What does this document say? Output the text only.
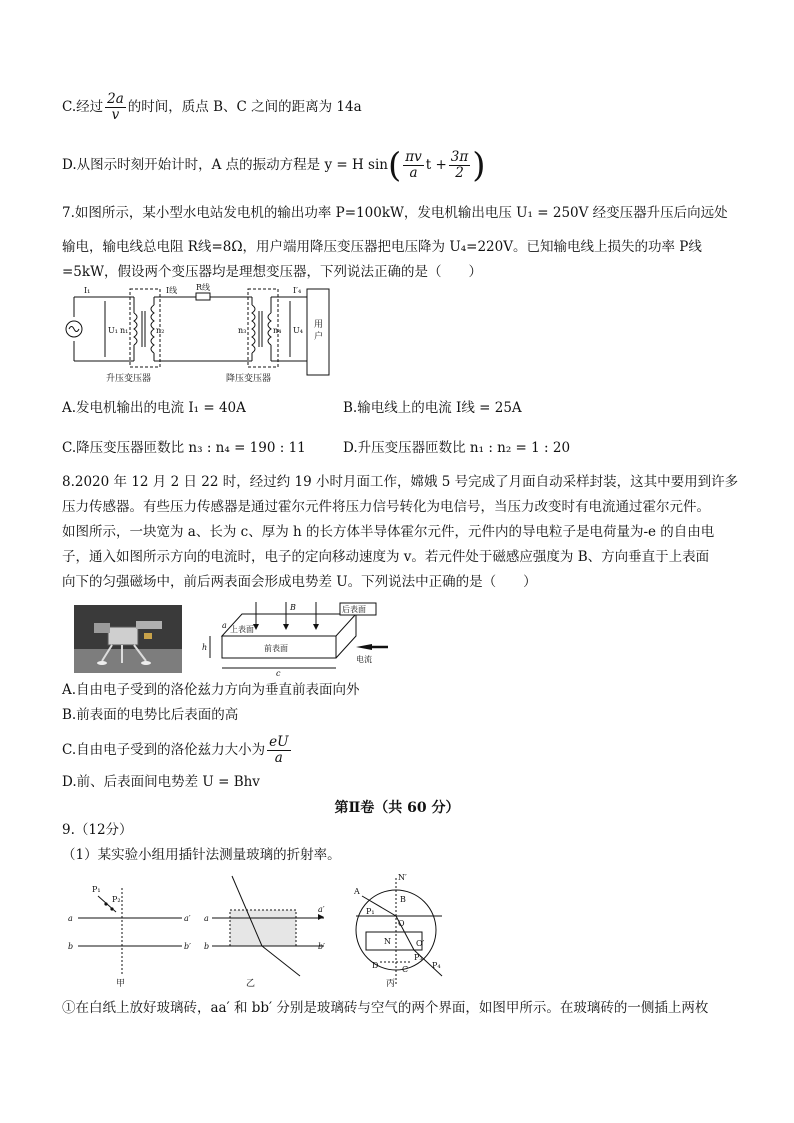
C.经过 $\frac{2a}{v}$ 的时间，质点 B、C 之间的距离为 14a
D.从图示时刻开始计时，A 点的振动方程是 y = H $\sin( \frac{\pi v}{a}$ $t + \frac{3\pi}{2}$ )
7.如图所示，某小型水电站发电机的输出功率 P=100kW，发电机输出电压 U₁ = 250V 经变压器升压后向远处
输电，输电线总电阻 R线=8Ω，用户端用降压变压器把电压降为 U₄=220V。已知输电线上损失的功率 P线
=5kW，假设两个变压器均是理想变压器，下列说法正确的是（　　）
I₁	I线 R线	I′₄
U₁ n₁	n₂	n₃	n₄ U₄
用
户
升压变压器	降压变压器
A.发电机输出的电流 I₁ = 40A	B.输电线上的电流 I线 = 25A
C.降压变压器匝数比 n₃ : n₄ = 190 : 11	D.升压变压器匝数比 n₁ : n₂ = 1 : 20
8.2020 年 12 月 2 日 22 时，经过约 19 小时月面工作，嫦娥 5 号完成了月面自动采样封装，这其中要用到许多
压力传感器。有些压力传感器是通过霍尔元件将压力信号转化为电信号，当压力改变时有电流通过霍尔元件。
如图所示，一块宽为 a、长为 c、厚为 h 的长方体半导体霍尔元件，元件内的导电粒子是电荷量为-e 的自由电
子，通入如图所示方向的电流时，电子的定向移动速度为 v。若元件处于磁感应强度为 B、方向垂直于上表面
向下的匀强磁场中，前后两表面会形成电势差 U。下列说法中正确的是（　　）
后表面
B
上表面
前表面
a
h
c
电流
A.自由电子受到的洛伦兹力方向为垂直前表面向外
B.前表面的电势比后表面的高
C.自由电子受到的洛伦兹力大小为 $\frac{eU}{a}$
D.前、后表面间电势差 U = Bhv
第Ⅱ卷（共 60 分）
9.（12分）
（1）某实验小组用插针法测量玻璃的折射率。
P₁
P₂
a	a′
b	b′
甲
a
a′
b	b′
乙
N′
A
B
O
N	O′
D	C
P₁
P₃
P₄
丙
①在白纸上放好玻璃砖，aa′ 和 bb′ 分别是玻璃砖与空气的两个界面，如图甲所示。在玻璃砖的一侧插上两枚
